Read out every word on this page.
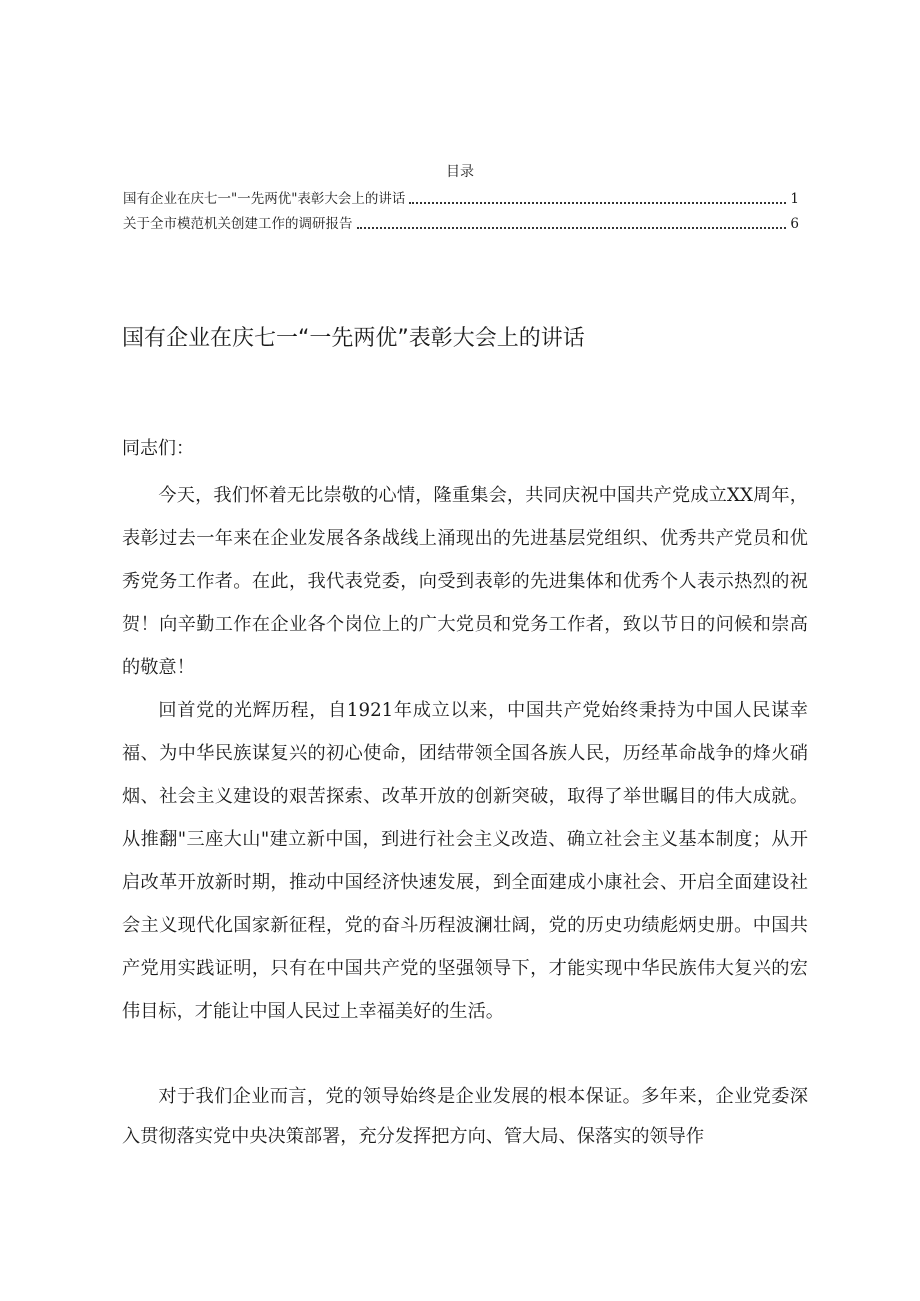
目录
国有企业在庆七一"一先两优"表彰大会上的讲话	1
关于全市模范机关创建工作的调研报告	6
国有企业在庆七一“一先两优”表彰大会上的讲话

同志们：

今天，我们怀着无比崇敬的心情，隆重集会，共同庆祝中国共产党成立XX周年，表彰过去一年来在企业发展各条战线上涌现出的先进基层党组织、优秀共产党员和优秀党务工作者。在此，我代表党委，向受到表彰的先进集体和优秀个人表示热烈的祝贺！向辛勤工作在企业各个岗位上的广大党员和党务工作者，致以节日的问候和崇高的敬意！

回首党的光辉历程，自1921年成立以来，中国共产党始终秉持为中国人民谋幸福、为中华民族谋复兴的初心使命，团结带领全国各族人民，历经革命战争的烽火硝烟、社会主义建设的艰苦探索、改革开放的创新突破，取得了举世瞩目的伟大成就。从推翻"三座大山"建立新中国，到进行社会主义改造、确立社会主义基本制度；从开启改革开放新时期，推动中国经济快速发展，到全面建成小康社会、开启全面建设社会主义现代化国家新征程，党的奋斗历程波澜壮阔，党的历史功绩彪炳史册。中国共产党用实践证明，只有在中国共产党的坚强领导下，才能实现中华民族伟大复兴的宏伟目标，才能让中国人民过上幸福美好的生活。

对于我们企业而言，党的领导始终是企业发展的根本保证。多年来，企业党委深入贯彻落实党中央决策部署，充分发挥把方向、管大局、保落实的领导作
